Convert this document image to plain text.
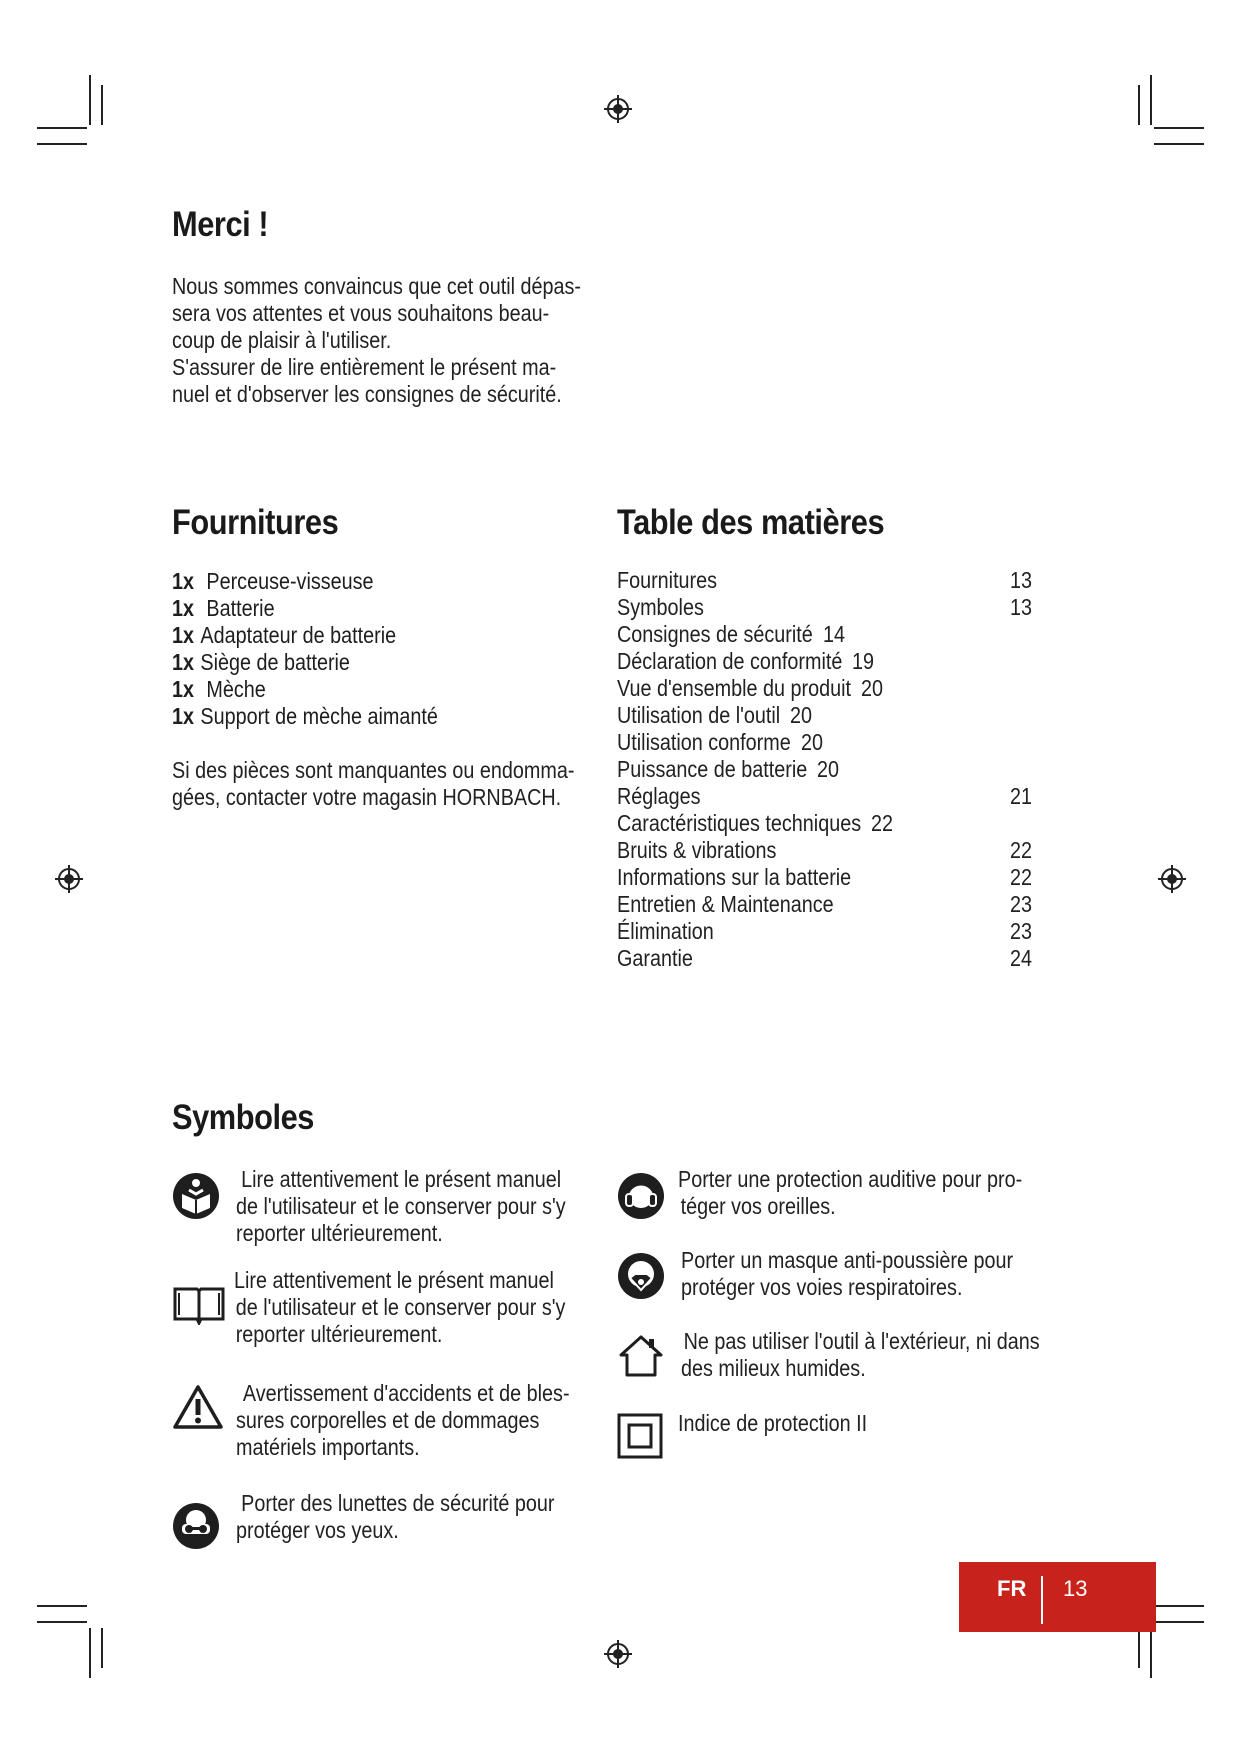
Merci !
Nous sommes convaincus que cet outil dépas-
sera vos attentes et vous souhaitons beau-
coup de plaisir à l'utiliser.
S'assurer de lire entièrement le présent ma-
nuel et d'observer les consignes de sécurité.
Fournitures
1x Perceuse-visseuse
1x Batterie
1x Adaptateur de batterie
1x Siège de batterie
1x Mèche
1x Support de mèche aimanté
Si des pièces sont manquantes ou endomma-
gées, contacter votre magasin HORNBACH.
Table des matières
Fournitures	13
Symboles	13
Consignes de sécurité 14
Déclaration de conformité 19
Vue d'ensemble du produit 20
Utilisation de l'outil 20
Utilisation conforme 20
Puissance de batterie 20
Réglages	21
Caractéristiques techniques 22
Bruits & vibrations	22
Informations sur la batterie	22
Entretien & Maintenance	23
Élimination	23
Garantie	24
Symboles
Lire attentivement le présent manuel
de l'utilisateur et le conserver pour s'y
reporter ultérieurement.
Lire attentivement le présent manuel
de l'utilisateur et le conserver pour s'y
reporter ultérieurement.
Avertissement d'accidents et de bles-
sures corporelles et de dommages
matériels importants.
Porter des lunettes de sécurité pour
protéger vos yeux.
Porter une protection auditive pour pro-
téger vos oreilles.
Porter un masque anti-poussière pour
protéger vos voies respiratoires.
Ne pas utiliser l'outil à l'extérieur, ni dans
des milieux humides.
Indice de protection II
FR 13
